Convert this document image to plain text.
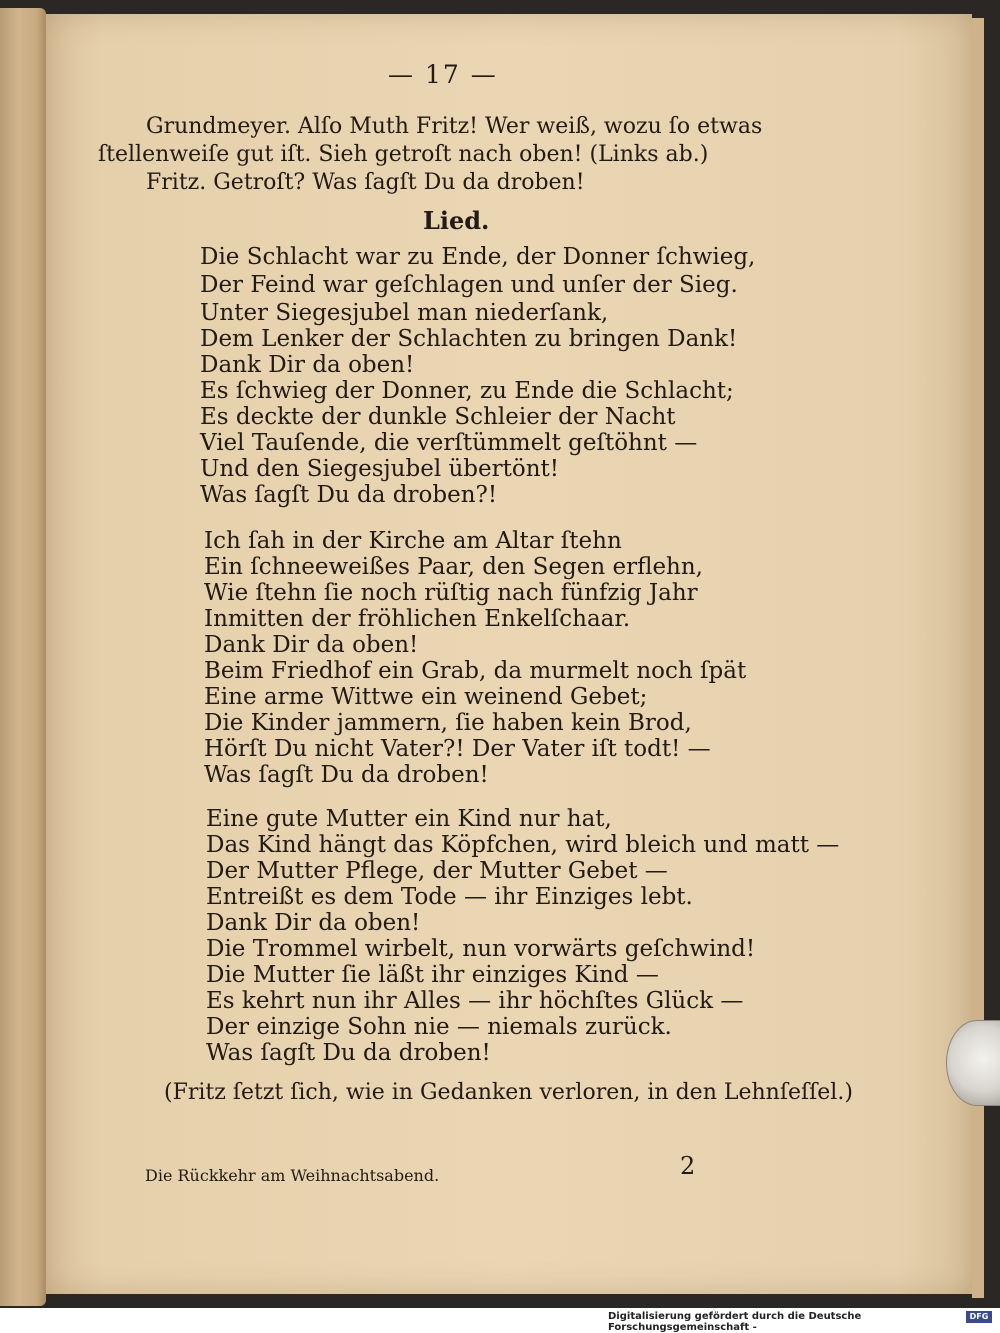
— 17 —
Grundmeyer. Alſo Muth Fritz! Wer weiß, wozu ſo etwas
ſtellenweiſe gut iſt. Sieh getroſt nach oben! (Links ab.)
Fritz. Getroſt? Was ſagſt Du da droben!
Lied.
Die Schlacht war zu Ende, der Donner ſchwieg,
Der Feind war geſchlagen und unſer der Sieg.
Unter Siegesjubel man niederſank,
Dem Lenker der Schlachten zu bringen Dank!
Dank Dir da oben!
Es ſchwieg der Donner, zu Ende die Schlacht;
Es deckte der dunkle Schleier der Nacht
Viel Tauſende, die verſtümmelt geſtöhnt —
Und den Siegesjubel übertönt!
Was ſagſt Du da droben?!
Ich ſah in der Kirche am Altar ſtehn
Ein ſchneeweißes Paar, den Segen erflehn,
Wie ſtehn ſie noch rüſtig nach fünfzig Jahr
Inmitten der fröhlichen Enkelſchaar.
Dank Dir da oben!
Beim Friedhof ein Grab, da murmelt noch ſpät
Eine arme Wittwe ein weinend Gebet;
Die Kinder jammern, ſie haben kein Brod,
Hörſt Du nicht Vater?! Der Vater iſt todt! —
Was ſagſt Du da droben!
Eine gute Mutter ein Kind nur hat,
Das Kind hängt das Köpfchen, wird bleich und matt —
Der Mutter Pflege, der Mutter Gebet —
Entreißt es dem Tode — ihr Einziges lebt.
Dank Dir da oben!
Die Trommel wirbelt, nun vorwärts geſchwind!
Die Mutter ſie läßt ihr einziges Kind —
Es kehrt nun ihr Alles — ihr höchſtes Glück —
Der einzige Sohn nie — niemals zurück.
Was ſagſt Du da droben!
(Fritz ſetzt ſich, wie in Gedanken verloren, in den Lehnſeſſel.)
Die Rückkehr am Weihnachtsabend.	2
Digitalisierung gefördert durch die Deutsche Forschungsgemeinschaft -
DFG
